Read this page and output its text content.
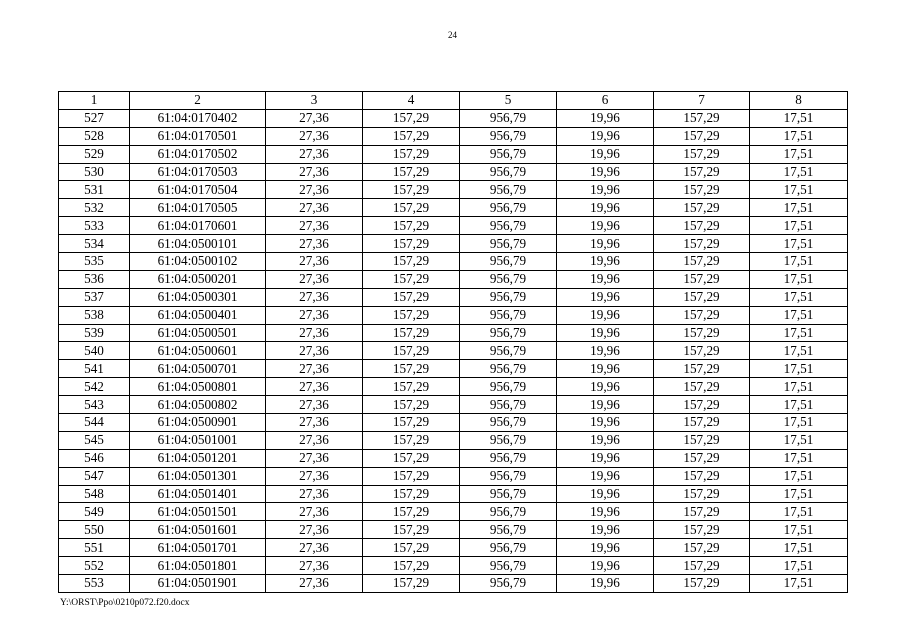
24
1	2	3	4	5	6	7	8
527	61:04:0170402	27,36	157,29	956,79	19,96	157,29	17,51
528	61:04:0170501	27,36	157,29	956,79	19,96	157,29	17,51
529	61:04:0170502	27,36	157,29	956,79	19,96	157,29	17,51
530	61:04:0170503	27,36	157,29	956,79	19,96	157,29	17,51
531	61:04:0170504	27,36	157,29	956,79	19,96	157,29	17,51
532	61:04:0170505	27,36	157,29	956,79	19,96	157,29	17,51
533	61:04:0170601	27,36	157,29	956,79	19,96	157,29	17,51
534	61:04:0500101	27,36	157,29	956,79	19,96	157,29	17,51
535	61:04:0500102	27,36	157,29	956,79	19,96	157,29	17,51
536	61:04:0500201	27,36	157,29	956,79	19,96	157,29	17,51
537	61:04:0500301	27,36	157,29	956,79	19,96	157,29	17,51
538	61:04:0500401	27,36	157,29	956,79	19,96	157,29	17,51
539	61:04:0500501	27,36	157,29	956,79	19,96	157,29	17,51
540	61:04:0500601	27,36	157,29	956,79	19,96	157,29	17,51
541	61:04:0500701	27,36	157,29	956,79	19,96	157,29	17,51
542	61:04:0500801	27,36	157,29	956,79	19,96	157,29	17,51
543	61:04:0500802	27,36	157,29	956,79	19,96	157,29	17,51
544	61:04:0500901	27,36	157,29	956,79	19,96	157,29	17,51
545	61:04:0501001	27,36	157,29	956,79	19,96	157,29	17,51
546	61:04:0501201	27,36	157,29	956,79	19,96	157,29	17,51
547	61:04:0501301	27,36	157,29	956,79	19,96	157,29	17,51
548	61:04:0501401	27,36	157,29	956,79	19,96	157,29	17,51
549	61:04:0501501	27,36	157,29	956,79	19,96	157,29	17,51
550	61:04:0501601	27,36	157,29	956,79	19,96	157,29	17,51
551	61:04:0501701	27,36	157,29	956,79	19,96	157,29	17,51
552	61:04:0501801	27,36	157,29	956,79	19,96	157,29	17,51
553	61:04:0501901	27,36	157,29	956,79	19,96	157,29	17,51
Y:\ORST\Ppo\0210p072.f20.docx
